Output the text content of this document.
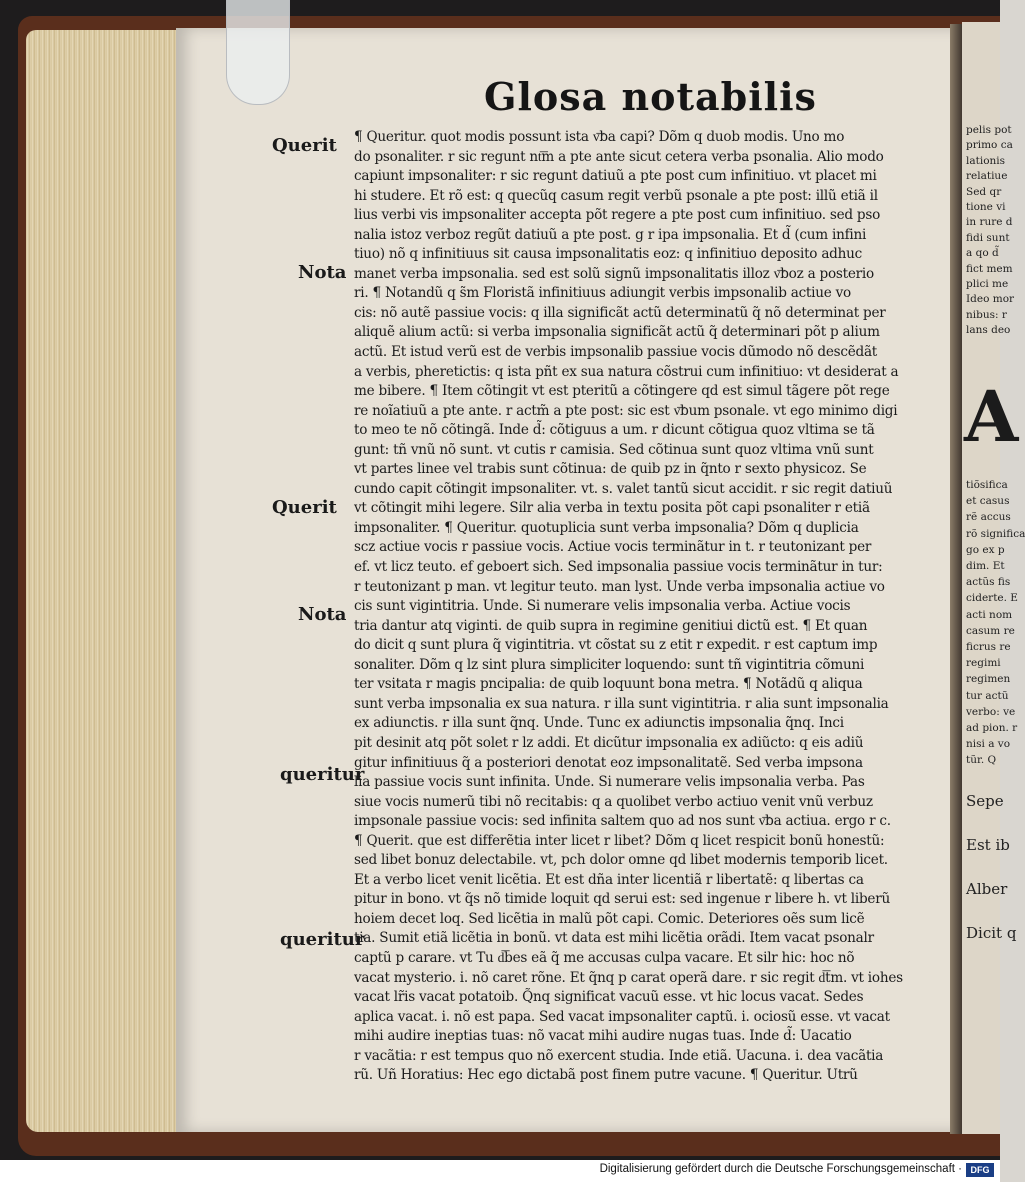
pelis pot
primo ca
lationis
relatiue
Sed qr
tione vi
in rure d
fidi sunt
a qo d̃
fict mem
plici me
Ideo mor
nibus: r
lans deo
A
tiõsifica
et casus
rẽ accus
rõ significa
go ex p
dim. Et
actũs fis
ciderte. E
acti nom
casum re
ficrus re
regimi
regimen
tur actũ
verbo: ve
ad pion. r
nisi a vo
tũr. Q
Sepe
Est ib
Alber
Dicit q
Glosa notabilis
Querit
Nota
Querit
Nota
queritur
queritur
¶ Queritur. quot modis possunt ista v͞ba capi? Dõm q duob modis. Uno mo
do psonaliter. r sic regunt nt͞m a pte ante sicut cetera verba psonalia. Alio modo
capiunt impsonaliter: r sic regunt datiuũ a pte post cum infinitiuo. vt placet mi
hi studere. Et rõ est: q quecũq casum regit verbũ psonale a pte post: illũ etiã il
lius verbi vis impsonaliter accepta põt regere a pte post cum infinitiuo. sed pso
nalia istoz verboz regũt datiuũ a pte post. g r ipa impsonalia. Et d̃ (cum infini
tiuo) nõ q infinitiuus sit causa impsonalitatis eoz: q infinitiuo deposito adhuc
manet verba impsonalia. sed est solũ signũ impsonalitatis illoz v͞boz a posterio
ri. ¶ Notandũ q s̃m Floristã infinitiuus adiungit verbis impsonalib actiue vo
cis: nõ autẽ passiue vocis: q illa significãt actũ determinatũ q̃ nõ determinat per
aliquẽ alium actũ: si verba impsonalia significãt actũ q̃ determinari põt p alium
actũ. Et istud verũ est de verbis impsonalib passiue vocis dũmodo nõ descẽdãt
a verbis, pheretictis: q ista pñt ex sua natura cõstrui cum infinitiuo: vt desiderat a
me bibere. ¶ Item cõtingit vt est pteritũ a cõtingere qd est simul tãgere põt rege
re noĩatiuũ a pte ante. r actm̃ a pte post: sic est v͞bum psonale. vt ego minimo digi
to meo te nõ cõtingã. Inde d̃: cõtiguus a um. r dicunt cõtigua quoz vltima se tã
gunt: tñ vnũ nõ sunt. vt cutis r camisia. Sed cõtinua sunt quoz vltima vnũ sunt
vt partes linee vel trabis sunt cõtinua: de quib pz in q̃nto r sexto physicoz. Se
cundo capit cõtingit impsonaliter. vt. s. valet tantũ sicut accidit. r sic regit datiuũ
vt cõtingit mihi legere. Silr alia verba in textu posita põt capi psonaliter r etiã
impsonaliter. ¶ Queritur. quotuplicia sunt verba impsonalia? Dõm q duplicia
scz actiue vocis r passiue vocis. Actiue vocis terminãtur in t. r teutonizant per
ef. vt licz teuto. ef geboert sich. Sed impsonalia passiue vocis terminãtur in tur:
r teutonizant p man. vt legitur teuto. man lyst. Unde verba impsonalia actiue vo
cis sunt vigintitria. Unde. Si numerare velis impsonalia verba. Actiue vocis
tria dantur atq viginti. de quib supra in regimine genitiui dictũ est. ¶ Et quan
do dicit q sunt plura q̃ vigintitria. vt cõstat su z etit r expedit. r est captum imp
sonaliter. Dõm q lz sint plura simpliciter loquendo: sunt tñ vigintitria cõmuni
ter vsitata r magis pncipalia: de quib loquunt bona metra. ¶ Notãdũ q aliqua
sunt verba impsonalia ex sua natura. r illa sunt vigintitria. r alia sunt impsonalia
ex adiunctis. r illa sunt q̃nq. Unde. Tunc ex adiunctis impsonalia q̃nq. Inci
pit desinit atq põt solet r lz addi. Et dicũtur impsonalia ex adiũcto: q eis adiũ
gitur infinitiuus q̃ a posteriori denotat eoz impsonalitatẽ. Sed verba impsona
lia passiue vocis sunt infinita. Unde. Si numerare velis impsonalia verba. Pas
siue vocis numerũ tibi nõ recitabis: q a quolibet verbo actiuo venit vnũ verbuz
impsonale passiue vocis: sed infinita saltem quo ad nos sunt v͞ba actiua. ergo r c.
¶ Querit. que est differẽtia inter licet r libet? Dõm q licet respicit bonũ honestũ:
sed libet bonuz delectabile. vt, pch dolor omne qd libet modernis temporib licet.
Et a verbo licet venit licẽtia. Et est dña inter licentiã r libertatẽ: q libertas ca
pitur in bono. vt q̃s nõ timide loquit qd serui est: sed ingenue r libere h. vt liberũ
hoiem decet loq. Sed licẽtia in malũ põt capi. Comic. Deteriores oẽs sum licẽ
tia. Sumit etiã licẽtia in bonũ. vt data est mihi licẽtia orãdi. Item vacat psonalr
captũ p carare. vt Tu d͞bes eã q̃ me accusas culpa vacare. Et silr hic: hoc nõ
vacat mysterio. i. nõ caret rõne. Et q̃nq p carat operã dare. r sic regit d͞tm. vt iohes
vacat lr̃is vacat potatoib. Q̃nq significat vacuũ esse. vt hic locus vacat. Sedes
aplica vacat. i. nõ est papa. Sed vacat impsonaliter captũ. i. ociosũ esse. vt vacat
mihi audire ineptias tuas: nõ vacat mihi audire nugas tuas. Inde d̃: Uacatio
r vacãtia: r est tempus quo nõ exercent studia. Inde etiã. Uacuna. i. dea vacãtia
rũ. Uñ Horatius: Hec ego dictabã post finem putre vacune. ¶ Queritur. Utrũ
Digitalisierung gefördert durch die Deutsche Forschungsgemeinschaft · DFG
